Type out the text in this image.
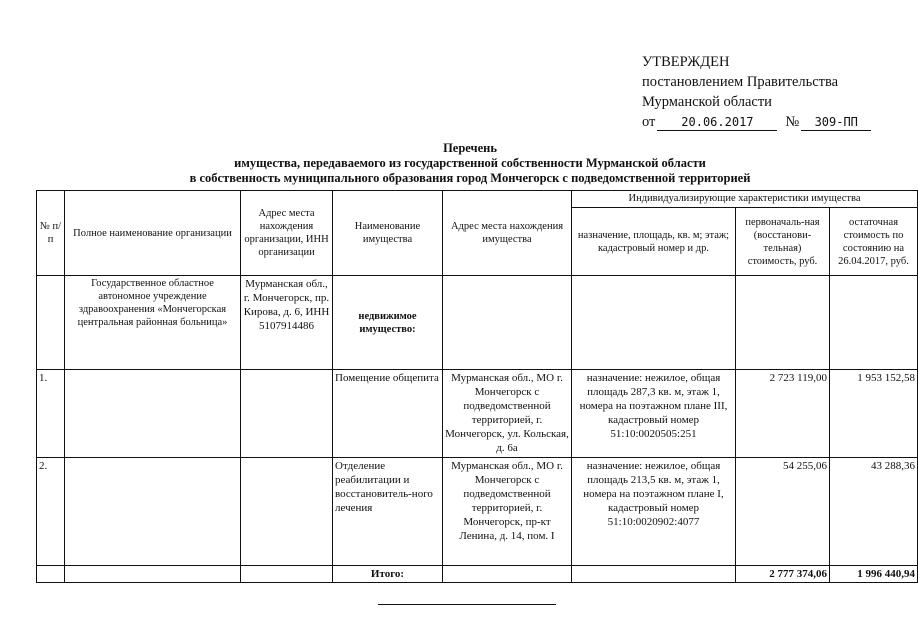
УТВЕРЖДЕН
постановлением Правительства
Мурманской области
от 20.06.2017 № 309-ПП
Перечень
имущества, передаваемого из государственной собственности Мурманской области
в собственность муниципального образования город Мончегорск с подведомственной территорией
№ п/п	Полное наименование организации	Адрес места нахождения организации, ИНН организации	Наименование имущества	Адрес места нахождения имущества	Индивидуализирующие характеристики имущества		
					назначение, площадь, кв. м; этаж; кадастровый номер и др.	первоначаль-ная (восстанови-тельная) стоимость, руб.	остаточная стоимость по состоянию на 26.04.2017, руб.
	Государственное областное автономное учреждение здравоохранения «Мончегорская центральная районная больница»	Мурманская обл., г. Мончегорск, пр. Кирова, д. 6, ИНН 5107914486	недвижимое имущество:				
1.			Помещение общепита	Мурманская обл., МО г. Мончегорск с подведомственной территорией, г. Мончегорск, ул. Кольская, д. 6а	назначение: нежилое, общая площадь 287,3 кв. м, этаж 1, номера на поэтажном плане III, кадастровый номер 51:10:0020505:251	2 723 119,00	1 953 152,58
2.			Отделение реабилитации и восстановитель-ного лечения	Мурманская обл., МО г. Мончегорск с подведомственной территорией, г. Мончегорск, пр-кт Ленина, д. 14, пом. I	назначение: нежилое, общая площадь 213,5 кв. м, этаж 1, номера на поэтажном плане I, кадастровый номер 51:10:0020902:4077	54 255,06	43 288,36
			Итого:			2 777 374,06	1 996 440,94
